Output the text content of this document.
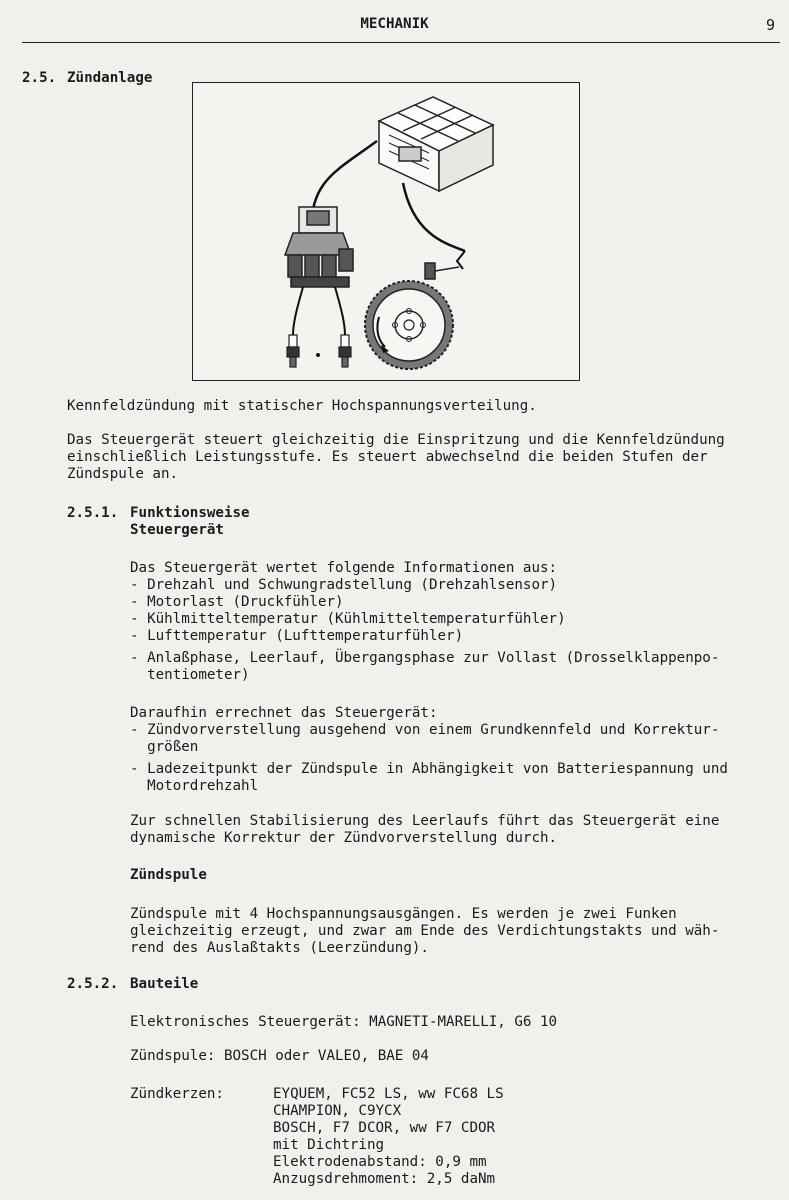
MECHANIK	9
2.5. Zündanlage
Kennfeldzündung mit statischer Hochspannungsverteilung.
Das Steuergerät steuert gleichzeitig die Einspritzung und die Kennfeldzündung
einschließlich Leistungsstufe. Es steuert abwechselnd die beiden Stufen der
Zündspule an.
2.5.1. Funktionsweise
Steuergerät
Das Steuergerät wertet folgende Informationen aus:
- Drehzahl und Schwungradstellung (Drehzahlsensor)
- Motorlast (Druckfühler)
- Kühlmitteltemperatur (Kühlmitteltemperaturfühler)
- Lufttemperatur (Lufttemperaturfühler)
- Anlaßphase, Leerlauf, Übergangsphase zur Vollast (Drosselklappenpo-
tentiometer)
Daraufhin errechnet das Steuergerät:
- Zündvorverstellung ausgehend von einem Grundkennfeld und Korrektur-
größen
- Ladezeitpunkt der Zündspule in Abhängigkeit von Batteriespannung und
Motordrehzahl
Zur schnellen Stabilisierung des Leerlaufs führt das Steuergerät eine
dynamische Korrektur der Zündvorverstellung durch.
Zündspule
Zündspule mit 4 Hochspannungsausgängen. Es werden je zwei Funken
gleichzeitig erzeugt, und zwar am Ende des Verdichtungstakts und wäh-
rend des Auslaßtakts (Leerzündung).
2.5.2. Bauteile
Elektronisches Steuergerät: MAGNETI-MARELLI, G6 10
Zündspule: BOSCH oder VALEO, BAE 04
Zündkerzen:	EYQUEM, FC52 LS, ww FC68 LS
CHAMPION, C9YCX
BOSCH, F7 DCOR, ww F7 CDOR
mit Dichtring
Elektrodenabstand: 0,9 mm
Anzugsdrehmoment: 2,5 daNm
